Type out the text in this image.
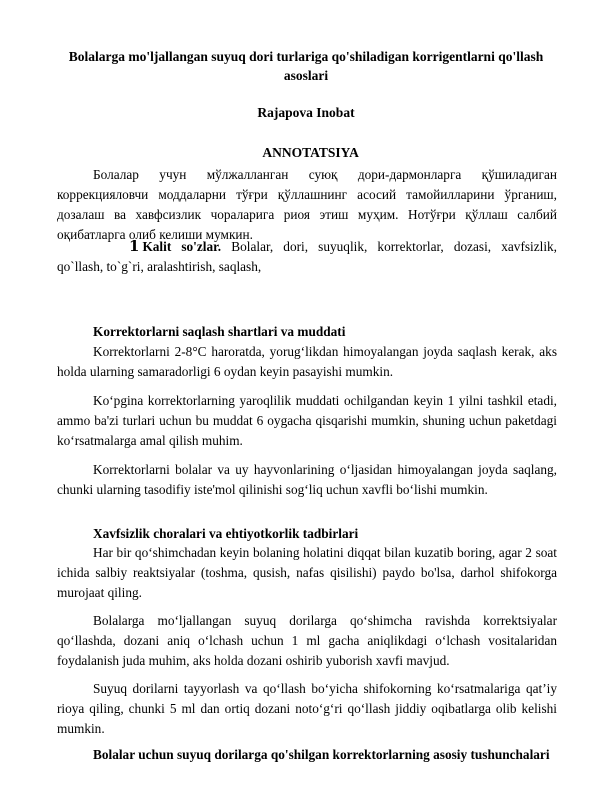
Bolalarga mo'ljallangan suyuq dori turlariga qo'shiladigan korrigentlarni qo'llash asoslari
Rajapova Inobat
ANNOTATSIYA
Болалар учун мўлжалланган суюқ дори-дармонларга қўшиладиган коррекцияловчи моддаларни тўғри қўллашнинг асосий тамойилларини ўрганиш, дозалаш ва хавфсизлик чораларига риоя этиш муҳим. Нотўғри қўллаш салбий оқибатларга олиб келиши мумкин.
𝟏 Kalit so'zlar. Bolalar, dori, suyuqlik, korrektorlar, dozasi, xavfsizlik, qo`llash, to`g`ri, aralashtirish, saqlash,
Korrektorlarni saqlash shartlari va muddati
Korrektorlarni 2-8°C haroratda, yorug‘likdan himoyalangan joyda saqlash kerak, aks holda ularning samaradorligi 6 oydan keyin pasayishi mumkin.
Ko‘pgina korrektorlarning yaroqlilik muddati ochilgandan keyin 1 yilni tashkil etadi, ammo ba'zi turlari uchun bu muddat 6 oygacha qisqarishi mumkin, shuning uchun paketdagi ko‘rsatmalarga amal qilish muhim.
Korrektorlarni bolalar va uy hayvonlarining o‘ljasidan himoyalangan joyda saqlang, chunki ularning tasodifiy iste'mol qilinishi sog‘liq uchun xavfli bo‘lishi mumkin.
Xavfsizlik choralari va ehtiyotkorlik tadbirlari
Har bir qo‘shimchadan keyin bolaning holatini diqqat bilan kuzatib boring, agar 2 soat ichida salbiy reaktsiyalar (toshma, qusish, nafas qisilishi) paydo bo'lsa, darhol shifokorga murojaat qiling.
Bolalarga mo‘ljallangan suyuq dorilarga qo‘shimcha ravishda korrektsiyalar qo‘llashda, dozani aniq o‘lchash uchun 1 ml gacha aniqlikdagi o‘lchash vositalaridan foydalanish juda muhim, aks holda dozani oshirib yuborish xavfi mavjud.
Suyuq dorilarni tayyorlash va qo‘llash bo‘yicha shifokorning ko‘rsatmalariga qat’iy rioya qiling, chunki 5 ml dan ortiq dozani noto‘g‘ri qo‘llash jiddiy oqibatlarga olib kelishi mumkin.
Bolalar uchun suyuq dorilarga qo'shilgan korrektorlarning asosiy tushunchalari
